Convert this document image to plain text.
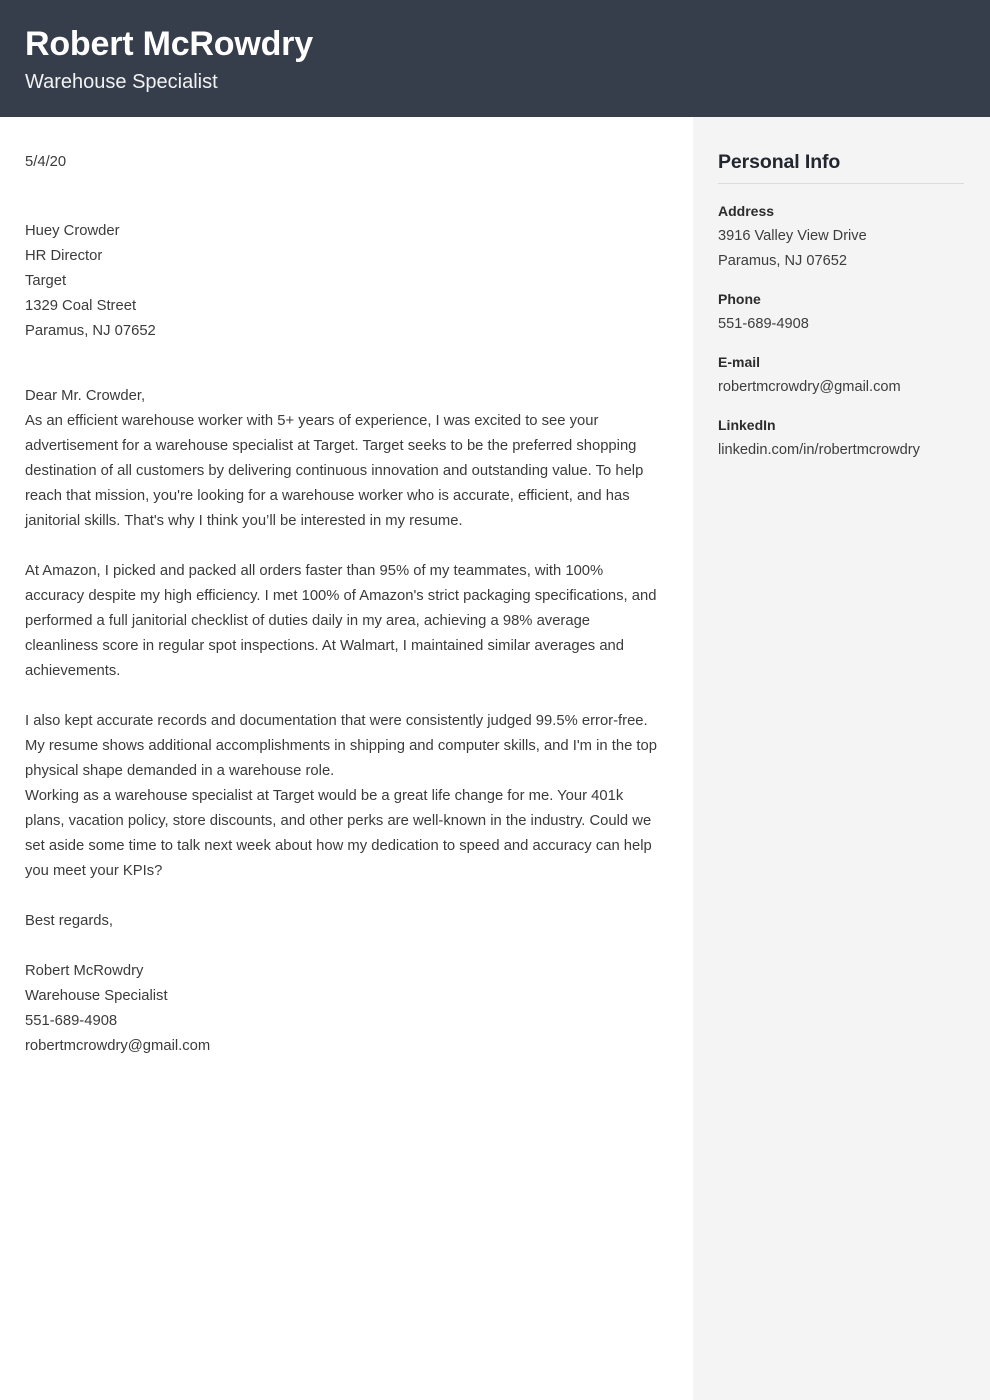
Robert McRowdry
Warehouse Specialist
5/4/20
Huey Crowder
HR Director
Target
1329 Coal Street
Paramus, NJ 07652
Dear Mr. Crowder,

As an efficient warehouse worker with 5+ years of experience, I was excited to see your advertisement for a warehouse specialist at Target. Target seeks to be the preferred shopping destination of all customers by delivering continuous innovation and outstanding value. To help reach that mission, you're looking for a warehouse worker who is accurate, efficient, and has janitorial skills. That's why I think you’ll be interested in my resume.

At Amazon, I picked and packed all orders faster than 95% of my teammates, with 100% accuracy despite my high efficiency. I met 100% of Amazon's strict packaging specifications, and performed a full janitorial checklist of duties daily in my area, achieving a 98% average cleanliness score in regular spot inspections. At Walmart, I maintained similar averages and achievements.

I also kept accurate records and documentation that were consistently judged 99.5% error-free. My resume shows additional accomplishments in shipping and computer skills, and I'm in the top physical shape demanded in a warehouse role.

Working as a warehouse specialist at Target would be a great life change for me. Your 401k plans, vacation policy, store discounts, and other perks are well-known in the industry. Could we set aside some time to talk next week about how my dedication to speed and accuracy can help you meet your KPIs?

Best regards,
Robert McRowdry
Warehouse Specialist
551-689-4908
robertmcrowdry@gmail.com
Personal Info
Address
3916 Valley View Drive
Paramus, NJ 07652
Phone
551-689-4908
E-mail
robertmcrowdry@gmail.com
LinkedIn
linkedin.com/in/robertmcrowdry
